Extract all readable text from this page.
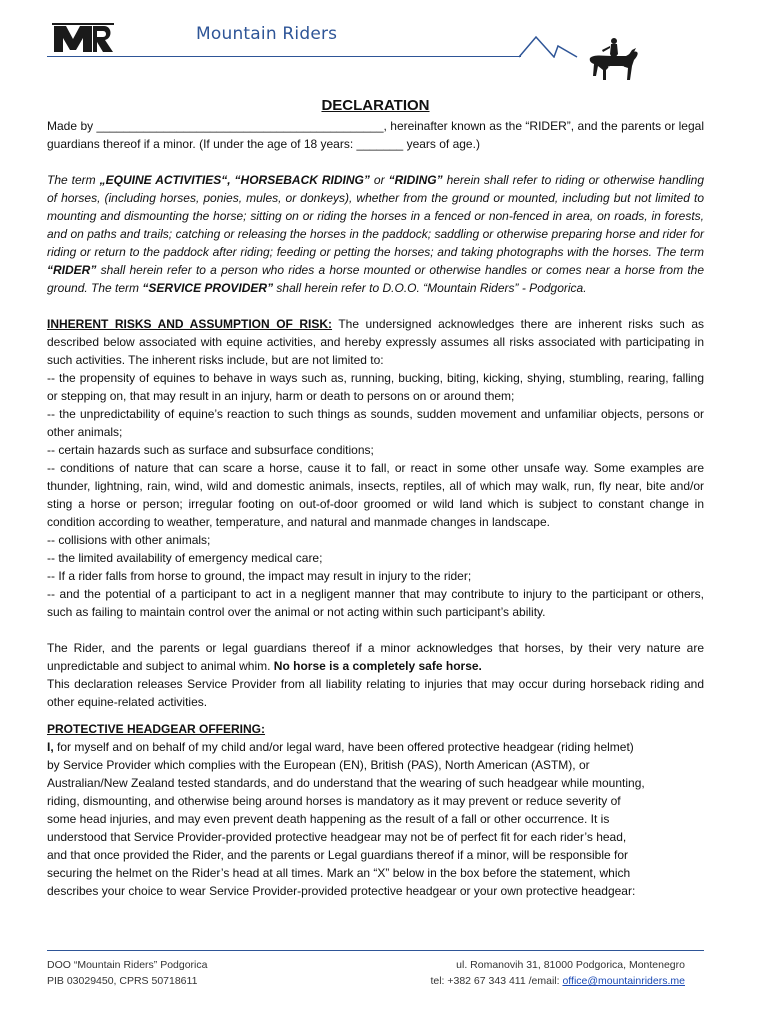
Mountain Riders
DECLARATION

Made by ___________________________________________, hereinafter known as the “RIDER”, and the parents or legal guardians thereof if a minor. (If under the age of 18 years: _______ years of age.)

The term „EQUINE ACTIVITIES“, “HORSEBACK RIDING” or “RIDING” herein shall refer to riding or otherwise handling of horses, (including horses, ponies, mules, or donkeys), whether from the ground or mounted, including but not limited to mounting and dismounting the horse; sitting on or riding the horses in a fenced or non-fenced in area, on roads, in forests, and on paths and trails; catching or releasing the horses in the paddock; saddling or otherwise preparing horse and rider for riding or return to the paddock after riding; feeding or petting the horses; and taking photographs with the horses. The term “RIDER” shall herein refer to a person who rides a horse mounted or otherwise handles or comes near a horse from the ground. The term “SERVICE PROVIDER” shall herein refer to D.O.O. “Mountain Riders” - Podgorica.

INHERENT RISKS AND ASSUMPTION OF RISK: The undersigned acknowledges there are inherent risks such as described below associated with equine activities, and hereby expressly assumes all risks associated with participating in such activities. The inherent risks include, but are not limited to:

-- the propensity of equines to behave in ways such as, running, bucking, biting, kicking, shying, stumbling, rearing, falling or stepping on, that may result in an injury, harm or death to persons on or around them;

-- the unpredictability of equine’s reaction to such things as sounds, sudden movement and unfamiliar objects, persons or other animals;

-- certain hazards such as surface and subsurface conditions;

-- conditions of nature that can scare a horse, cause it to fall, or react in some other unsafe way. Some examples are thunder, lightning, rain, wind, wild and domestic animals, insects, reptiles, all of which may walk, run, fly near, bite and/or sting a horse or person; irregular footing on out-of-door groomed or wild land which is subject to constant change in condition according to weather, temperature, and natural and manmade changes in landscape.

-- collisions with other animals;

-- the limited availability of emergency medical care;

-- If a rider falls from horse to ground, the impact may result in injury to the rider;

-- and the potential of a participant to act in a negligent manner that may contribute to injury to the participant or others, such as failing to maintain control over the animal or not acting within such participant’s ability.

The Rider, and the parents or legal guardians thereof if a minor acknowledges that horses, by their very nature are unpredictable and subject to animal whim. No horse is a completely safe horse.

This declaration releases Service Provider from all liability relating to injuries that may occur during horseback riding and other equine-related activities.

PROTECTIVE HEADGEAR OFFERING:

I, for myself and on behalf of my child and/or legal ward, have been offered protective headgear (riding helmet)
by Service Provider which complies with the European (EN), British (PAS), North American (ASTM), or
Australian/New Zealand tested standards, and do understand that the wearing of such headgear while mounting,
riding, dismounting, and otherwise being around horses is mandatory as it may prevent or reduce severity of
some head injuries, and may even prevent death happening as the result of a fall or other occurrence. It is
understood that Service Provider-provided protective headgear may not be of perfect fit for each rider’s head,
and that once provided the Rider, and the parents or Legal guardians thereof if a minor, will be responsible for
securing the helmet on the Rider’s head at all times. Mark an “X” below in the box before the statement, which
describes your choice to wear Service Provider-provided protective headgear or your own protective headgear:
DOO “Mountain Riders” Podgorica
PIB 03029450, CPRS 50718611
ul. Romanovih 31, 81000 Podgorica, Montenegro
tel: +382 67 343 411 /email: office@mountainriders.me
